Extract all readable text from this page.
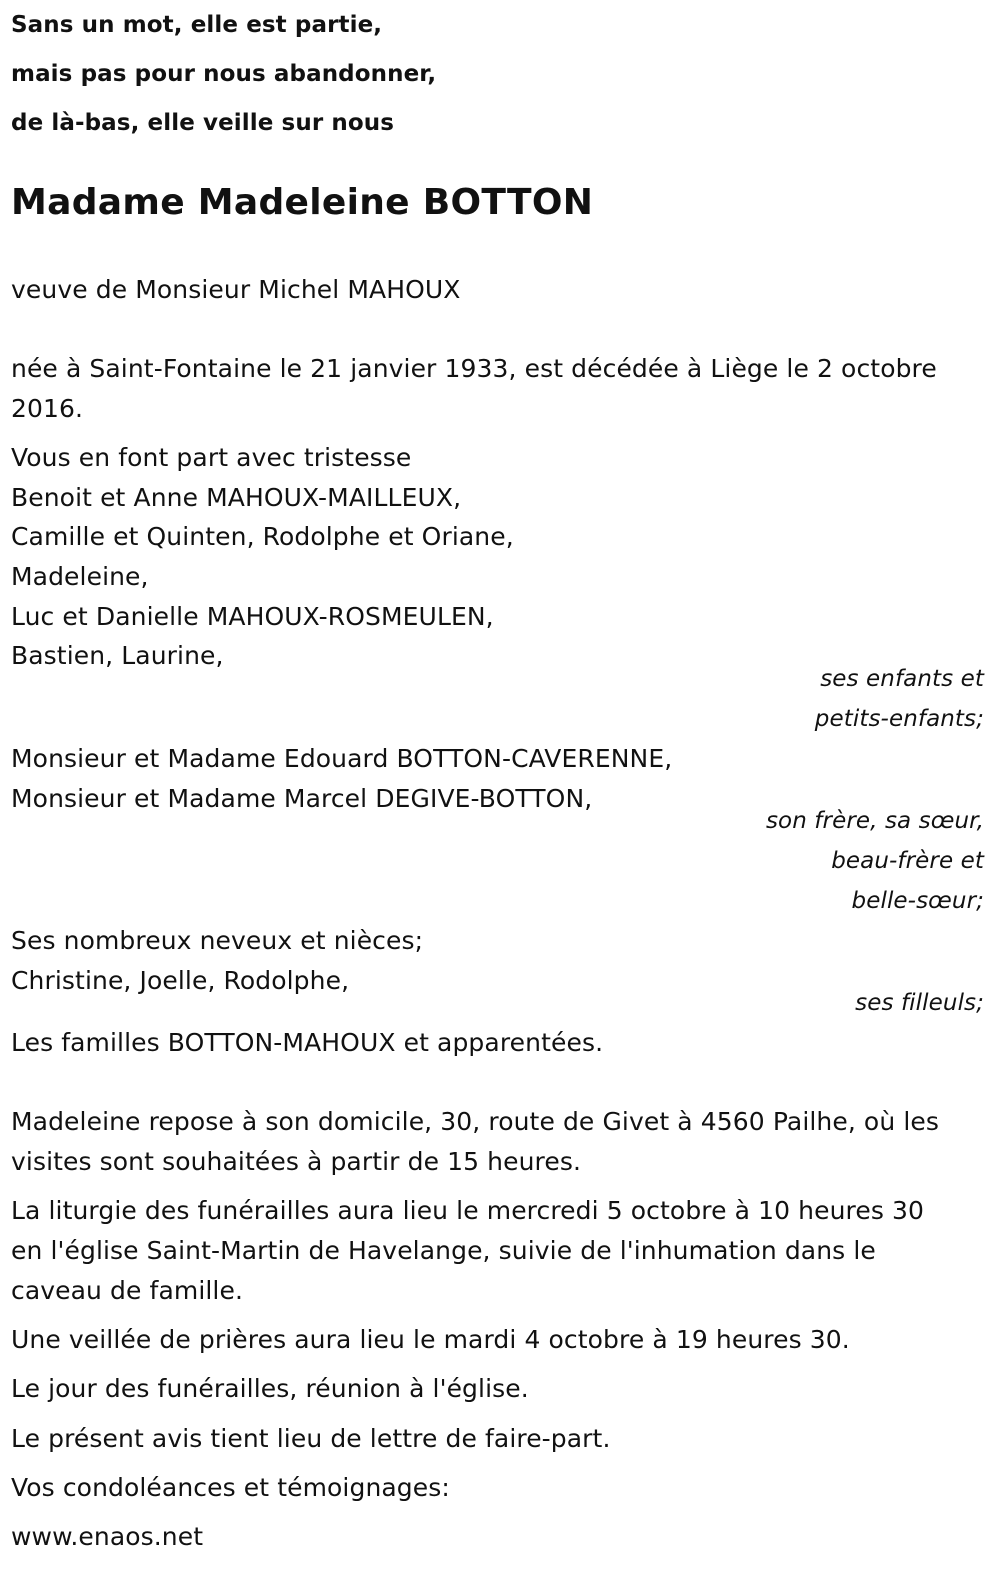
Sans un mot, elle est partie,
mais pas pour nous abandonner,
de là-bas, elle veille sur nous
Madame Madeleine BOTTON
veuve de Monsieur Michel MAHOUX
née à Saint-Fontaine le 21 janvier 1933, est décédée à Liège le 2 octobre
2016.
Vous en font part avec tristesse
Benoit et Anne MAHOUX-MAILLEUX,
Camille et Quinten, Rodolphe et Oriane,
Madeleine,
Luc et Danielle MAHOUX-ROSMEULEN,
Bastien, Laurine,
ses enfants et
petits-enfants;
Monsieur et Madame Edouard BOTTON-CAVERENNE,
Monsieur et Madame Marcel DEGIVE-BOTTON,
son frère, sa sœur,
beau-frère et
belle-sœur;
Ses nombreux neveux et nièces;
Christine, Joelle, Rodolphe,
ses filleuls;
Les familles BOTTON-MAHOUX et apparentées.
Madeleine repose à son domicile, 30, route de Givet à 4560 Pailhe, où les
visites sont souhaitées à partir de 15 heures.
La liturgie des funérailles aura lieu le mercredi 5 octobre à 10 heures 30
en l'église Saint-Martin de Havelange, suivie de l'inhumation dans le
caveau de famille.
Une veillée de prières aura lieu le mardi 4 octobre à 19 heures 30.
Le jour des funérailles, réunion à l'église.
Le présent avis tient lieu de lettre de faire-part.
Vos condoléances et témoignages:
www.enaos.net
